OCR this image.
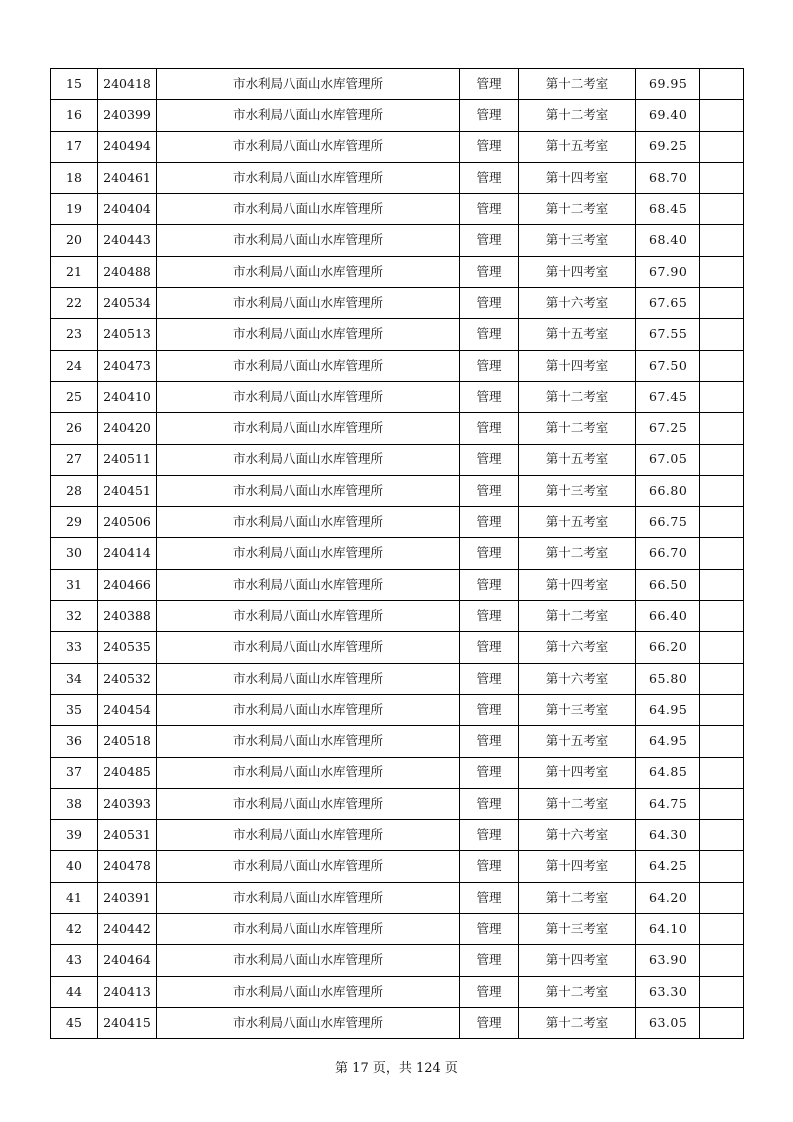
15	240418	市水利局八面山水库管理所	管理	第十二考室	69.95	
16	240399	市水利局八面山水库管理所	管理	第十二考室	69.40	
17	240494	市水利局八面山水库管理所	管理	第十五考室	69.25	
18	240461	市水利局八面山水库管理所	管理	第十四考室	68.70	
19	240404	市水利局八面山水库管理所	管理	第十二考室	68.45	
20	240443	市水利局八面山水库管理所	管理	第十三考室	68.40	
21	240488	市水利局八面山水库管理所	管理	第十四考室	67.90	
22	240534	市水利局八面山水库管理所	管理	第十六考室	67.65	
23	240513	市水利局八面山水库管理所	管理	第十五考室	67.55	
24	240473	市水利局八面山水库管理所	管理	第十四考室	67.50	
25	240410	市水利局八面山水库管理所	管理	第十二考室	67.45	
26	240420	市水利局八面山水库管理所	管理	第十二考室	67.25	
27	240511	市水利局八面山水库管理所	管理	第十五考室	67.05	
28	240451	市水利局八面山水库管理所	管理	第十三考室	66.80	
29	240506	市水利局八面山水库管理所	管理	第十五考室	66.75	
30	240414	市水利局八面山水库管理所	管理	第十二考室	66.70	
31	240466	市水利局八面山水库管理所	管理	第十四考室	66.50	
32	240388	市水利局八面山水库管理所	管理	第十二考室	66.40	
33	240535	市水利局八面山水库管理所	管理	第十六考室	66.20	
34	240532	市水利局八面山水库管理所	管理	第十六考室	65.80	
35	240454	市水利局八面山水库管理所	管理	第十三考室	64.95	
36	240518	市水利局八面山水库管理所	管理	第十五考室	64.95	
37	240485	市水利局八面山水库管理所	管理	第十四考室	64.85	
38	240393	市水利局八面山水库管理所	管理	第十二考室	64.75	
39	240531	市水利局八面山水库管理所	管理	第十六考室	64.30	
40	240478	市水利局八面山水库管理所	管理	第十四考室	64.25	
41	240391	市水利局八面山水库管理所	管理	第十二考室	64.20	
42	240442	市水利局八面山水库管理所	管理	第十三考室	64.10	
43	240464	市水利局八面山水库管理所	管理	第十四考室	63.90	
44	240413	市水利局八面山水库管理所	管理	第十二考室	63.30	
45	240415	市水利局八面山水库管理所	管理	第十二考室	63.05	
第 17 页，共 124 页
